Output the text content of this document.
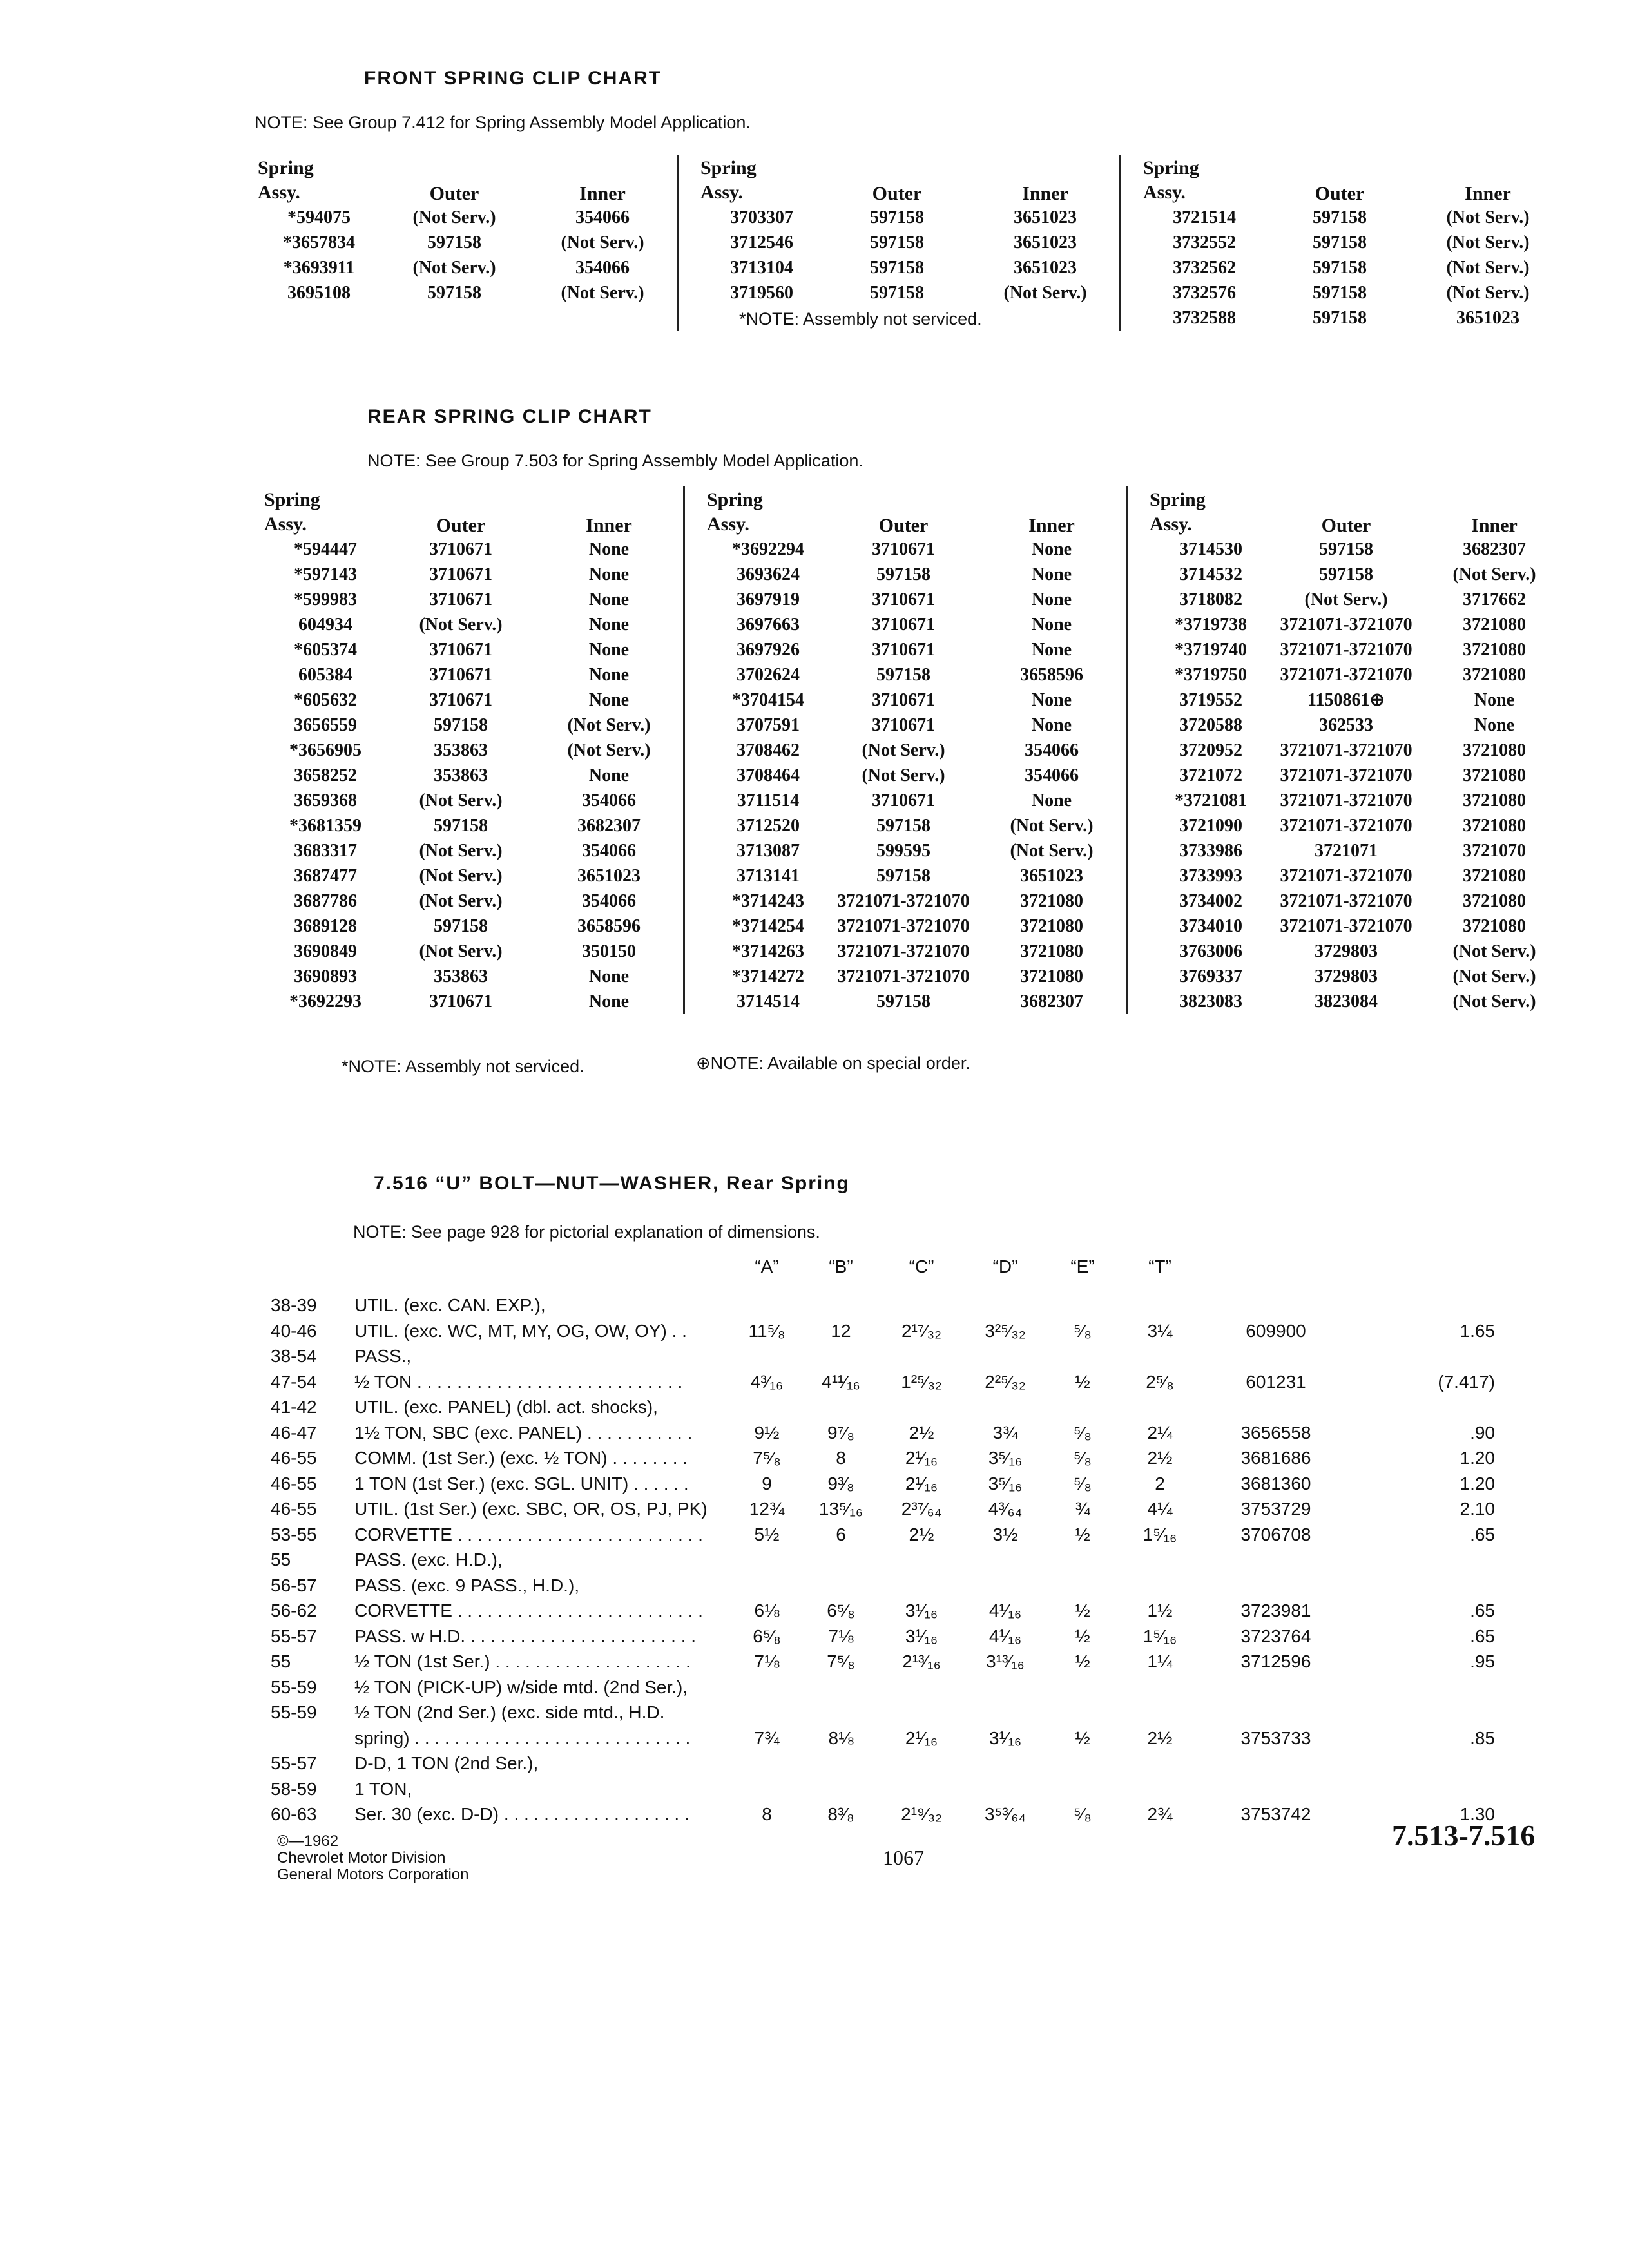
FRONT SPRING CLIP CHART
NOTE: See Group 7.412 for Spring Assembly Model Application.
Spring
Assy.	Outer	Inner
*594075	(Not Serv.)	354066
*3657834	597158	(Not Serv.)
*3693911	(Not Serv.)	354066
3695108	597158	(Not Serv.)
Spring
Assy.	Outer	Inner
3703307	597158	3651023
3712546	597158	3651023
3713104	597158	3651023
3719560	597158	(Not Serv.)
*NOTE: Assembly not serviced.
Spring
Assy.	Outer	Inner
3721514	597158	(Not Serv.)
3732552	597158	(Not Serv.)
3732562	597158	(Not Serv.)
3732576	597158	(Not Serv.)
3732588	597158	3651023
REAR SPRING CLIP CHART
NOTE: See Group 7.503 for Spring Assembly Model Application.
Spring
Assy.	Outer	Inner
*594447	3710671	None
*597143	3710671	None
*599983	3710671	None
604934	(Not Serv.)	None
*605374	3710671	None
605384	3710671	None
*605632	3710671	None
3656559	597158	(Not Serv.)
*3656905	353863	(Not Serv.)
3658252	353863	None
3659368	(Not Serv.)	354066
*3681359	597158	3682307
3683317	(Not Serv.)	354066
3687477	(Not Serv.)	3651023
3687786	(Not Serv.)	354066
3689128	597158	3658596
3690849	(Not Serv.)	350150
3690893	353863	None
*3692293	3710671	None
Spring
Assy.	Outer	Inner
*3692294	3710671	None
3693624	597158	None
3697919	3710671	None
3697663	3710671	None
3697926	3710671	None
3702624	597158	3658596
*3704154	3710671	None
3707591	3710671	None
3708462	(Not Serv.)	354066
3708464	(Not Serv.)	354066
3711514	3710671	None
3712520	597158	(Not Serv.)
3713087	599595	(Not Serv.)
3713141	597158	3651023
*3714243	3721071-3721070	3721080
*3714254	3721071-3721070	3721080
*3714263	3721071-3721070	3721080
*3714272	3721071-3721070	3721080
3714514	597158	3682307
Spring
Assy.	Outer	Inner
3714530	597158	3682307
3714532	597158	(Not Serv.)
3718082	(Not Serv.)	3717662
*3719738	3721071-3721070	3721080
*3719740	3721071-3721070	3721080
*3719750	3721071-3721070	3721080
3719552	1150861⊕	None
3720588	362533	None
3720952	3721071-3721070	3721080
3721072	3721071-3721070	3721080
*3721081	3721071-3721070	3721080
3721090	3721071-3721070	3721080
3733986	3721071	3721070
3733993	3721071-3721070	3721080
3734002	3721071-3721070	3721080
3734010	3721071-3721070	3721080
3763006	3729803	(Not Serv.)
3769337	3729803	(Not Serv.)
3823083	3823084	(Not Serv.)
*NOTE: Assembly not serviced.	⊕NOTE: Available on special order.
7.516 “U” BOLT—NUT—WASHER, Rear Spring
NOTE: See page 928 for pictorial explanation of dimensions.
“A”	“B”	“C”	“D”	“E”	“T”
38-39	UTIL. (exc. CAN. EXP.),
40-46	UTIL. (exc. WC, MT, MY, OG, OW, OY) . .	11⁵⁄₈	12	2¹⁷⁄₃₂	3²⁵⁄₃₂	⁵⁄₈	3¼	609900	1.65
38-54	PASS.,
47-54	½ TON . . . . . . . . . . . . . . . . . . . . . . . . . . .	4³⁄₁₆	4¹¹⁄₁₆	1²⁵⁄₃₂	2²⁵⁄₃₂	½	2⁵⁄₈	601231	(7.417)
41-42	UTIL. (exc. PANEL) (dbl. act. shocks),
46-47	1½ TON, SBC (exc. PANEL) . . . . . . . . . . .	9½	9⁷⁄₈	2½	3¾	⁵⁄₈	2¼	3656558	.90
46-55	COMM. (1st Ser.) (exc. ½ TON) . . . . . . . .	7⁵⁄₈	8	2¹⁄₁₆	3⁵⁄₁₆	⁵⁄₈	2½	3681686	1.20
46-55	1 TON (1st Ser.) (exc. SGL. UNIT) . . . . . .	9	9³⁄₈	2¹⁄₁₆	3⁵⁄₁₆	⁵⁄₈	2	3681360	1.20
46-55	UTIL. (1st Ser.) (exc. SBC, OR, OS, PJ, PK)	12¾	13⁵⁄₁₆	2³⁷⁄₆₄	4³⁄₆₄	¾	4¼	3753729	2.10
53-55	CORVETTE . . . . . . . . . . . . . . . . . . . . . . . . .	5½	6	2½	3½	½	1⁵⁄₁₆	3706708	.65
55	PASS. (exc. H.D.),
56-57	PASS. (exc. 9 PASS., H.D.),
56-62	CORVETTE . . . . . . . . . . . . . . . . . . . . . . . . .	6⅛	6⁵⁄₈	3¹⁄₁₆	4¹⁄₁₆	½	1½	3723981	.65
55-57	PASS. w H.D. . . . . . . . . . . . . . . . . . . . . . . .	6⁵⁄₈	7⅛	3¹⁄₁₆	4¹⁄₁₆	½	1⁵⁄₁₆	3723764	.65
55	½ TON (1st Ser.) . . . . . . . . . . . . . . . . . . . .	7⅛	7⁵⁄₈	2¹³⁄₁₆	3¹³⁄₁₆	½	1¼	3712596	.95
55-59	½ TON (PICK-UP) w/side mtd. (2nd Ser.),
55-59	½ TON (2nd Ser.) (exc. side mtd., H.D.
spring) . . . . . . . . . . . . . . . . . . . . . . . . . . . .	7¾	8⅛	2¹⁄₁₆	3¹⁄₁₆	½	2½	3753733	.85
55-57	D-D, 1 TON (2nd Ser.),
58-59	1 TON,
60-63	Ser. 30 (exc. D-D) . . . . . . . . . . . . . . . . . . .	8	8³⁄₈	2¹⁹⁄₃₂	3⁵³⁄₆₄	⁵⁄₈	2¾	3753742	1.30
©—1962
Chevrolet Motor Division
General Motors Corporation
1067
7.513-7.516
